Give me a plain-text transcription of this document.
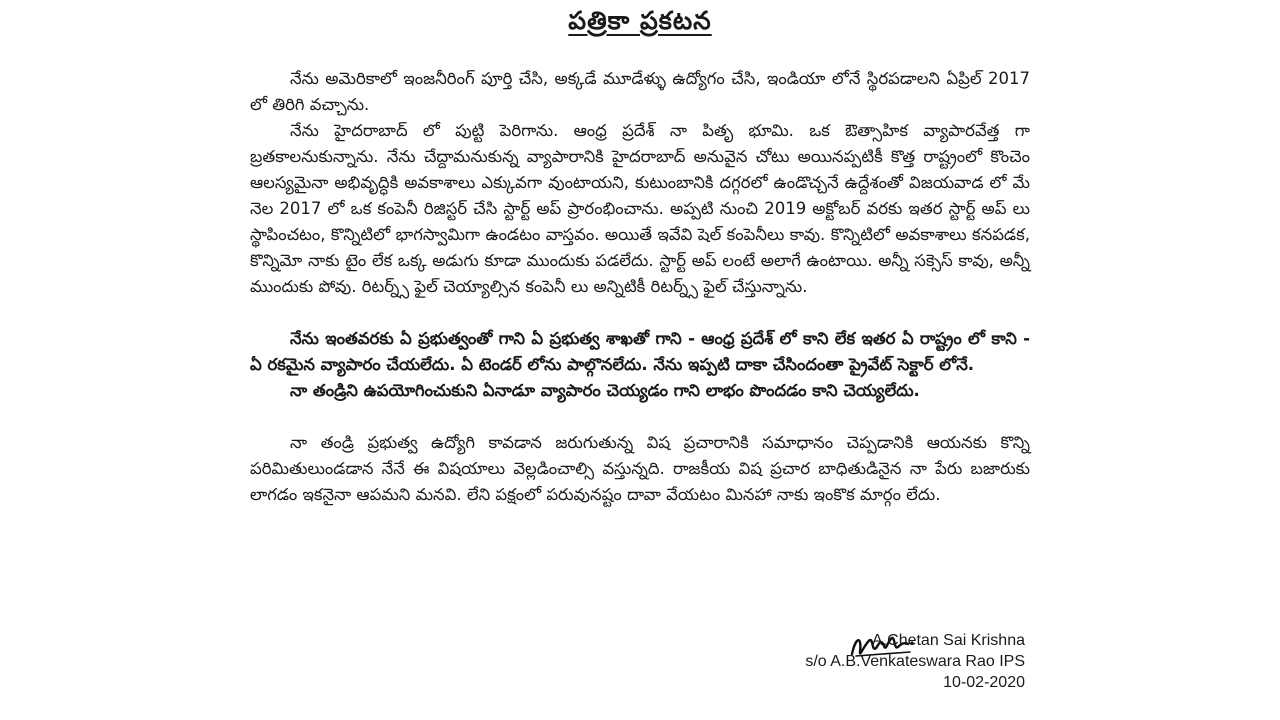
పత్రికా ప్రకటన

నేను అమెరికాలో ఇంజనీరింగ్ పూర్తి చేసి, అక్కడే మూడేళ్ళు ఉద్యోగం చేసి, ఇండియా లోనే స్థిరపడాలని ఏప్రిల్ 2017 లో తిరిగి వచ్చాను.

నేను హైదరాబాద్ లో పుట్టి పెరిగాను. ఆంధ్ర ప్రదేశ్ నా పితృ భూమి. ఒక ఔత్సాహిక వ్యాపారవేత్త గా బ్రతకాలనుకున్నాను. నేను చేద్దామనుకున్న వ్యాపారానికి హైదరాబాద్ అనువైన చోటు అయినప్పటికీ కొత్త రాష్ట్రంలో కొంచెం ఆలస్యమైనా అభివృద్ధికి అవకాశాలు ఎక్కువగా వుంటాయని, కుటుంబానికి దగ్గరలో ఉండొచ్చనే ఉద్దేశంతో విజయవాడ లో మే నెల 2017 లో ఒక కంపెనీ రిజిస్టర్ చేసి స్టార్ట్ అప్ ప్రారంభించాను. అప్పటి నుంచి 2019 అక్టోబర్ వరకు ఇతర స్టార్ట్ అప్ లు స్థాపించటం, కొన్నిటిలో భాగస్వామిగా ఉండటం వాస్తవం. అయితే ఇవేవి షెల్ కంపెనీలు కావు. కొన్నిటిలో అవకాశాలు కనపడక, కొన్నిమో నాకు టైం లేక ఒక్క అడుగు కూడా ముందుకు పడలేదు. స్టార్ట్ అప్ లంటే అలాగే ఉంటాయి. అన్నీ సక్సెస్ కావు, అన్నీ ముందుకు పోవు. రిటర్న్స్ ఫైల్ చెయ్యాల్సిన కంపెనీ లు అన్నిటికీ రిటర్న్స్ ఫైల్ చేస్తున్నాను.

నేను ఇంతవరకు ఏ ప్రభుత్వంతో గాని ఏ ప్రభుత్వ శాఖతో గాని - ఆంధ్ర ప్రదేశ్ లో కాని లేక ఇతర ఏ రాష్ట్రం లో కాని - ఏ రకమైన వ్యాపారం చేయలేదు. ఏ టెండర్ లోను పాల్గొనలేదు. నేను ఇప్పటి దాకా చేసిందంతా ప్రైవేట్ సెక్టార్ లోనే.

నా తండ్రిని ఉపయోగించుకుని ఏనాడూ వ్యాపారం చెయ్యడం గాని లాభం పొందడం కాని చెయ్యలేదు.

నా తండ్రి ప్రభుత్వ ఉద్యోగి కావడాన జరుగుతున్న విష ప్రచారానికి సమాధానం చెప్పడానికి ఆయనకు కొన్ని పరిమితులుండడాన నేనే ఈ విషయాలు వెల్లడించాల్సి వస్తున్నది. రాజకీయ విష ప్రచార బాధితుడినైన నా పేరు బజారుకు లాగడం ఇకనైనా ఆపమని మనవి. లేని పక్షంలో పరువునష్టం దావా వేయటం మినహా నాకు ఇంకొక మార్గం లేదు.

A.Chetan Sai Krishna
s/o A.B.Venkateswara Rao IPS
10-02-2020
